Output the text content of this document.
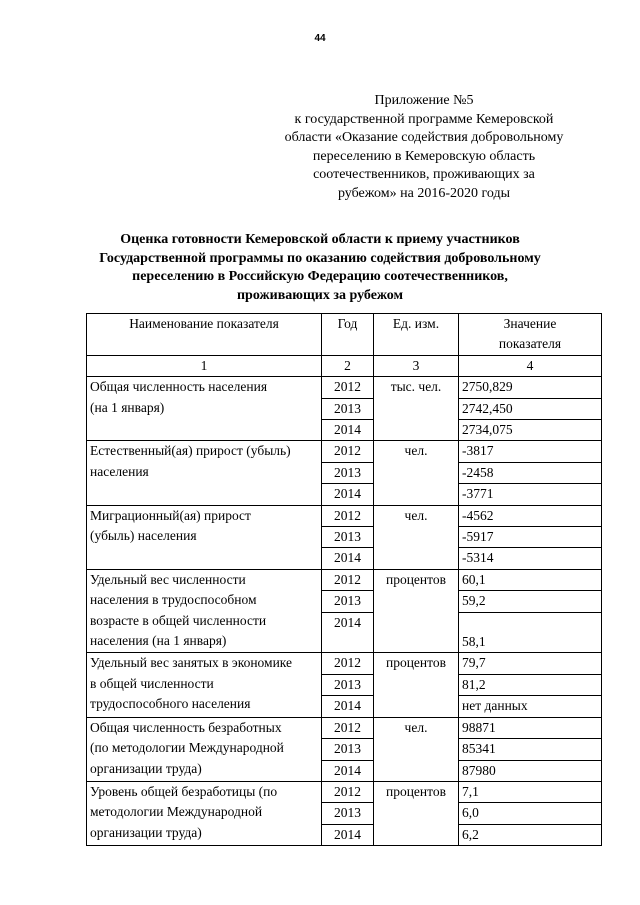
44
Приложение №5
к государственной программе Кемеровской
области «Оказание содействия добровольному
переселению в Кемеровскую область
соотечественников, проживающих за
рубежом» на 2016-2020 годы
Оценка готовности Кемеровской области к приему участников
Государственной программы по оказанию содействия добровольному
переселению в Российскую Федерацию соотечественников,
проживающих за рубежом
Наименование показателя	Год	Ед. изм.	Значение
показателя

1	2	3	4

Общая численность населения
(на 1 января)	2012	тыс. чел.	2750,829
	2013		2742,450
	2014		2734,075

Естественный(ая) прирост (убыль)
населения	2012	чел.	-3817
	2013		-2458
	2014		-3771

Миграционный(ая) прирост
(убыль) населения	2012	чел.	-4562
	2013		-5917
	2014		-5314

Удельный вес численности
населения в трудоспособном
возрасте в общей численности
населения (на 1 января)	2012	процентов	60,1
	2013		59,2
	2014		58,1

Удельный вес занятых в экономике
в общей численности
трудоспособного населения	2012	процентов	79,7
	2013		81,2
	2014		нет данных

Общая численность безработных
(по методологии Международной
организации труда)	2012	чел.	98871
	2013		85341
	2014		87980

Уровень общей безработицы (по
методологии Международной
организации труда)	2012	процентов	7,1
	2013		6,0
	2014		6,2
